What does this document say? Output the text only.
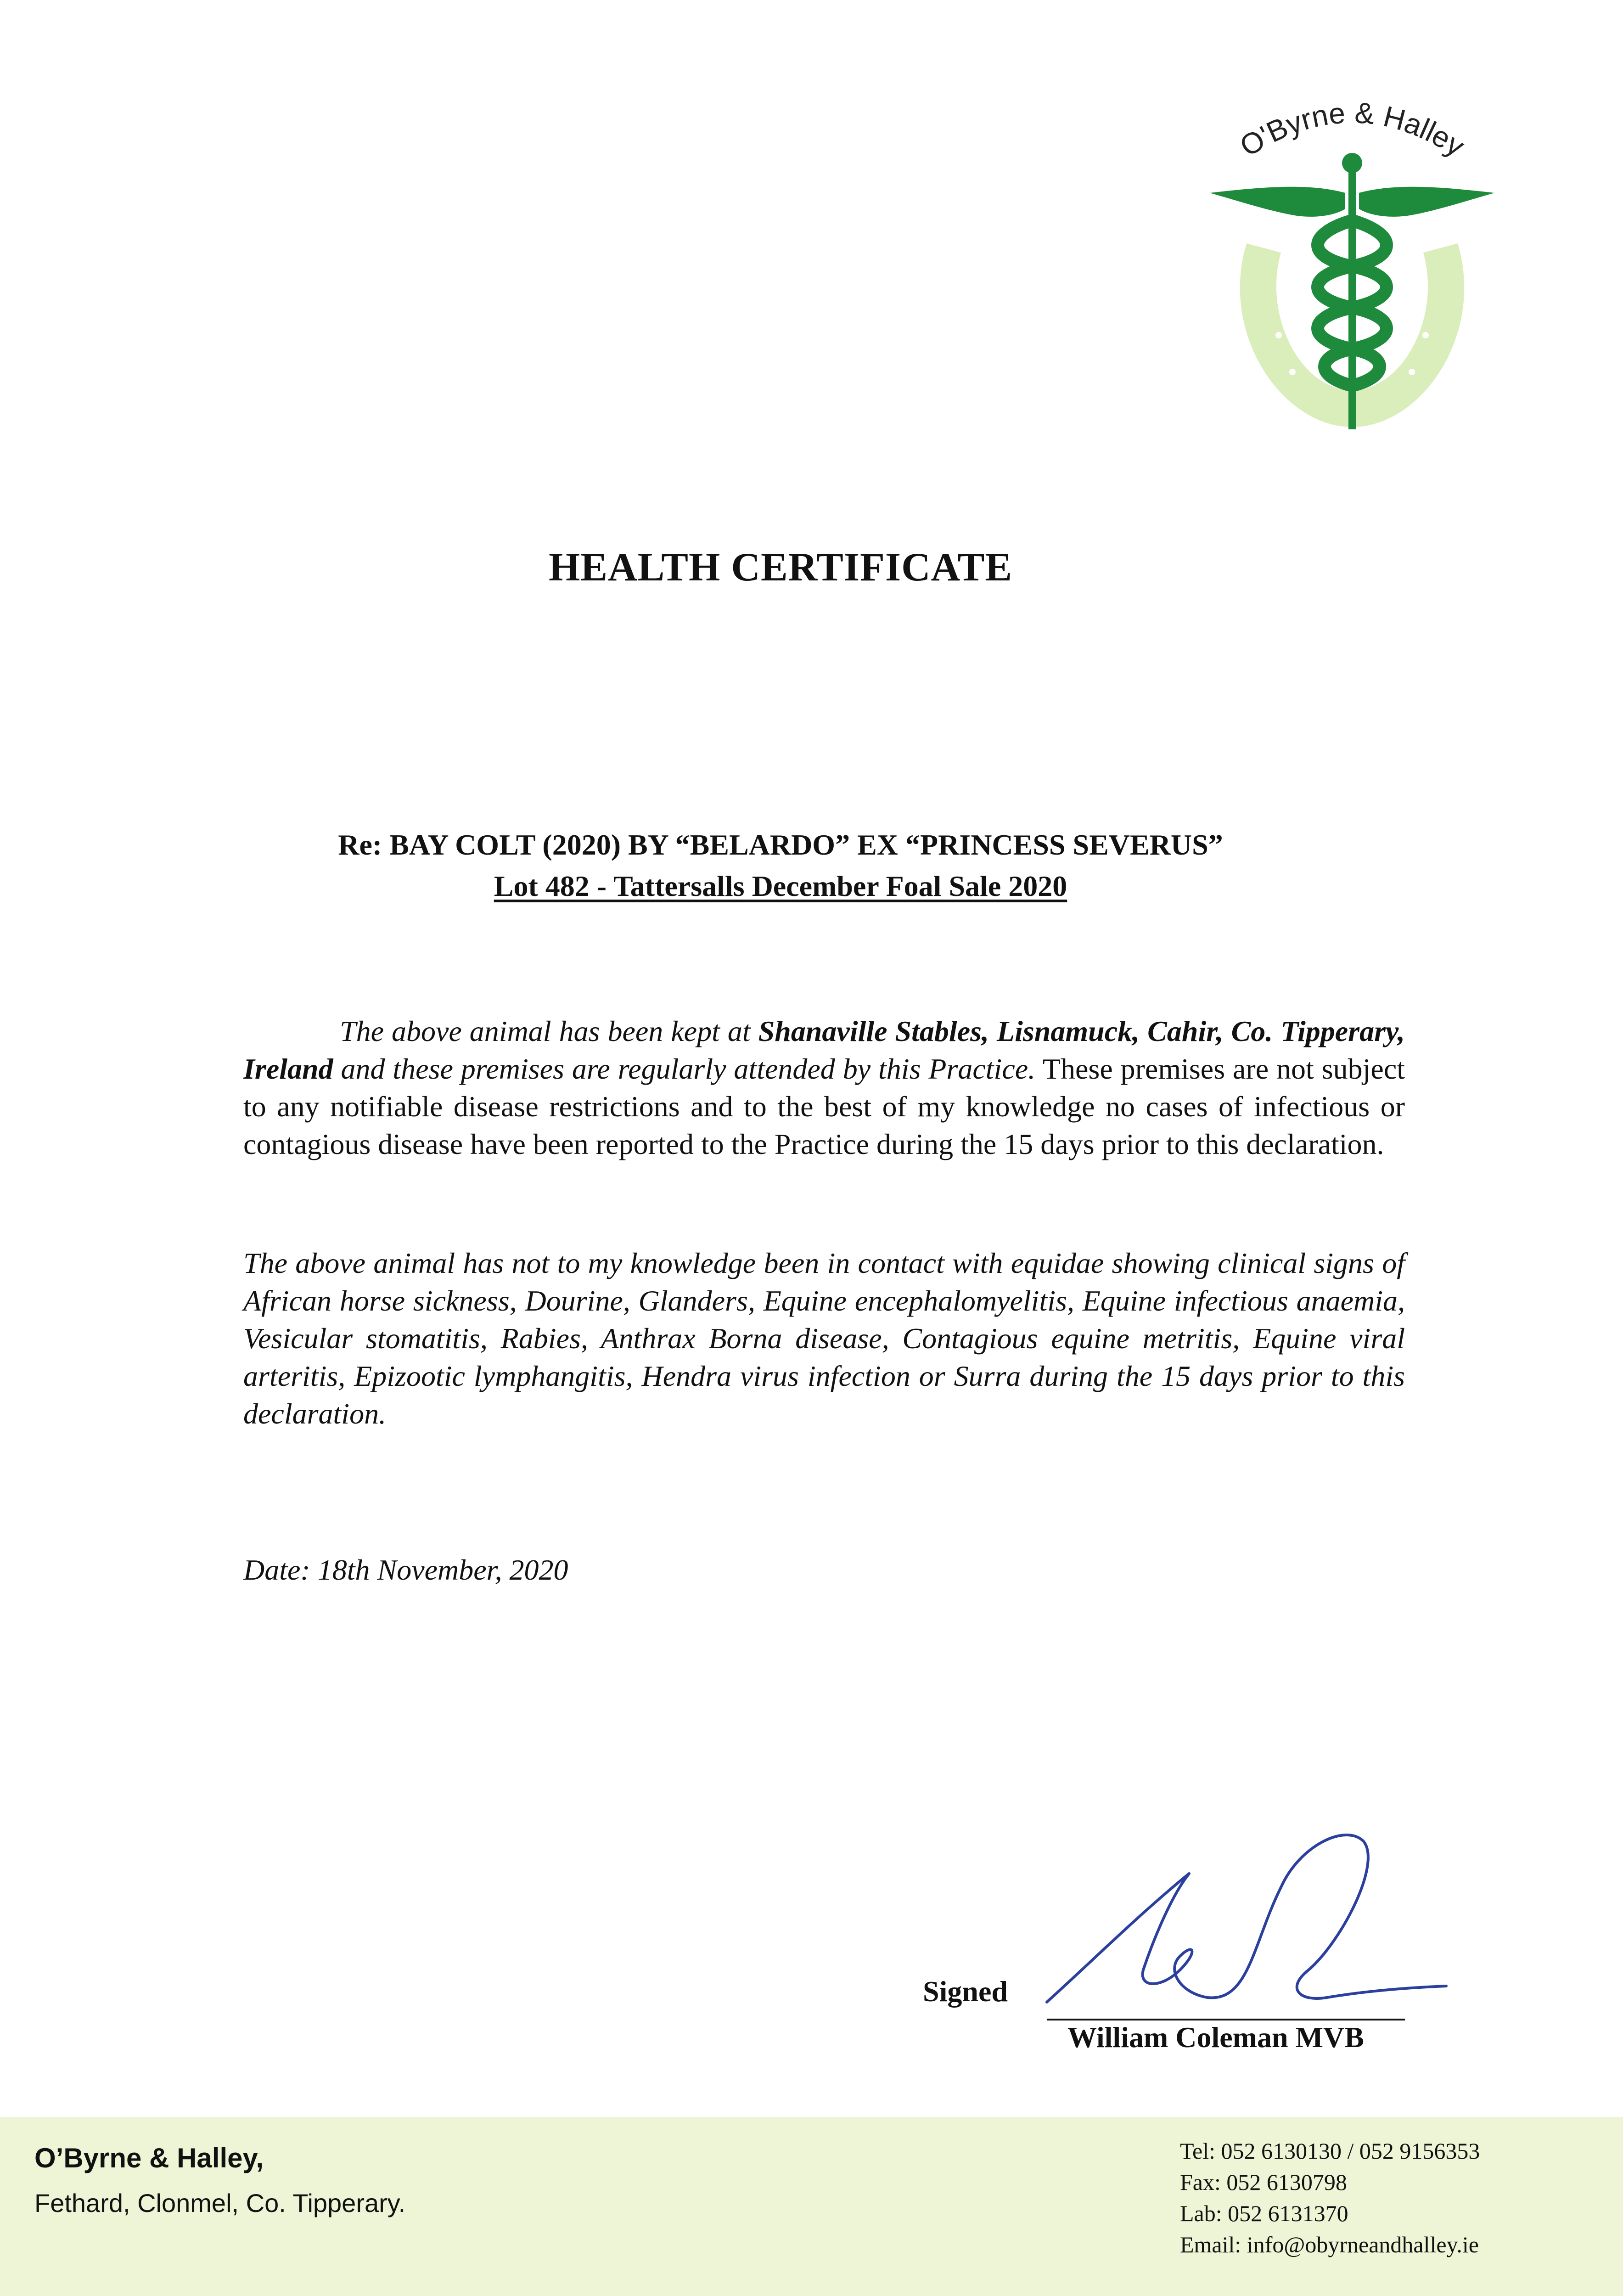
O'Byrne & Halley
HEALTH CERTIFICATE
Re: BAY COLT (2020) BY “BELARDO” EX “PRINCESS SEVERUS”
Lot 482 - Tattersalls December Foal Sale 2020
The above animal has been kept at Shanaville Stables, Lisnamuck, Cahir, Co. Tipperary, Ireland and these premises are regularly attended by this Practice. These premises are not subject to any notifiable disease restrictions and to the best of my knowledge no cases of infectious or contagious disease have been reported to the Practice during the 15 days prior to this declaration.
The above animal has not to my knowledge been in contact with equidae showing clinical signs of African horse sickness, Dourine, Glanders, Equine encephalomyelitis, Equine infectious anaemia, Vesicular stomatitis, Rabies, Anthrax Borna disease, Contagious equine metritis, Equine viral arteritis, Epizootic lymphangitis, Hendra virus infection or Surra during the 15 days prior to this declaration.
Date: 18th November, 2020
Signed
William Coleman MVB
O’Byrne & Halley,
Fethard, Clonmel, Co. Tipperary.
Tel: 052 6130130 / 052 9156353
Fax: 052 6130798
Lab: 052 6131370
Email: info@obyrneandhalley.ie
